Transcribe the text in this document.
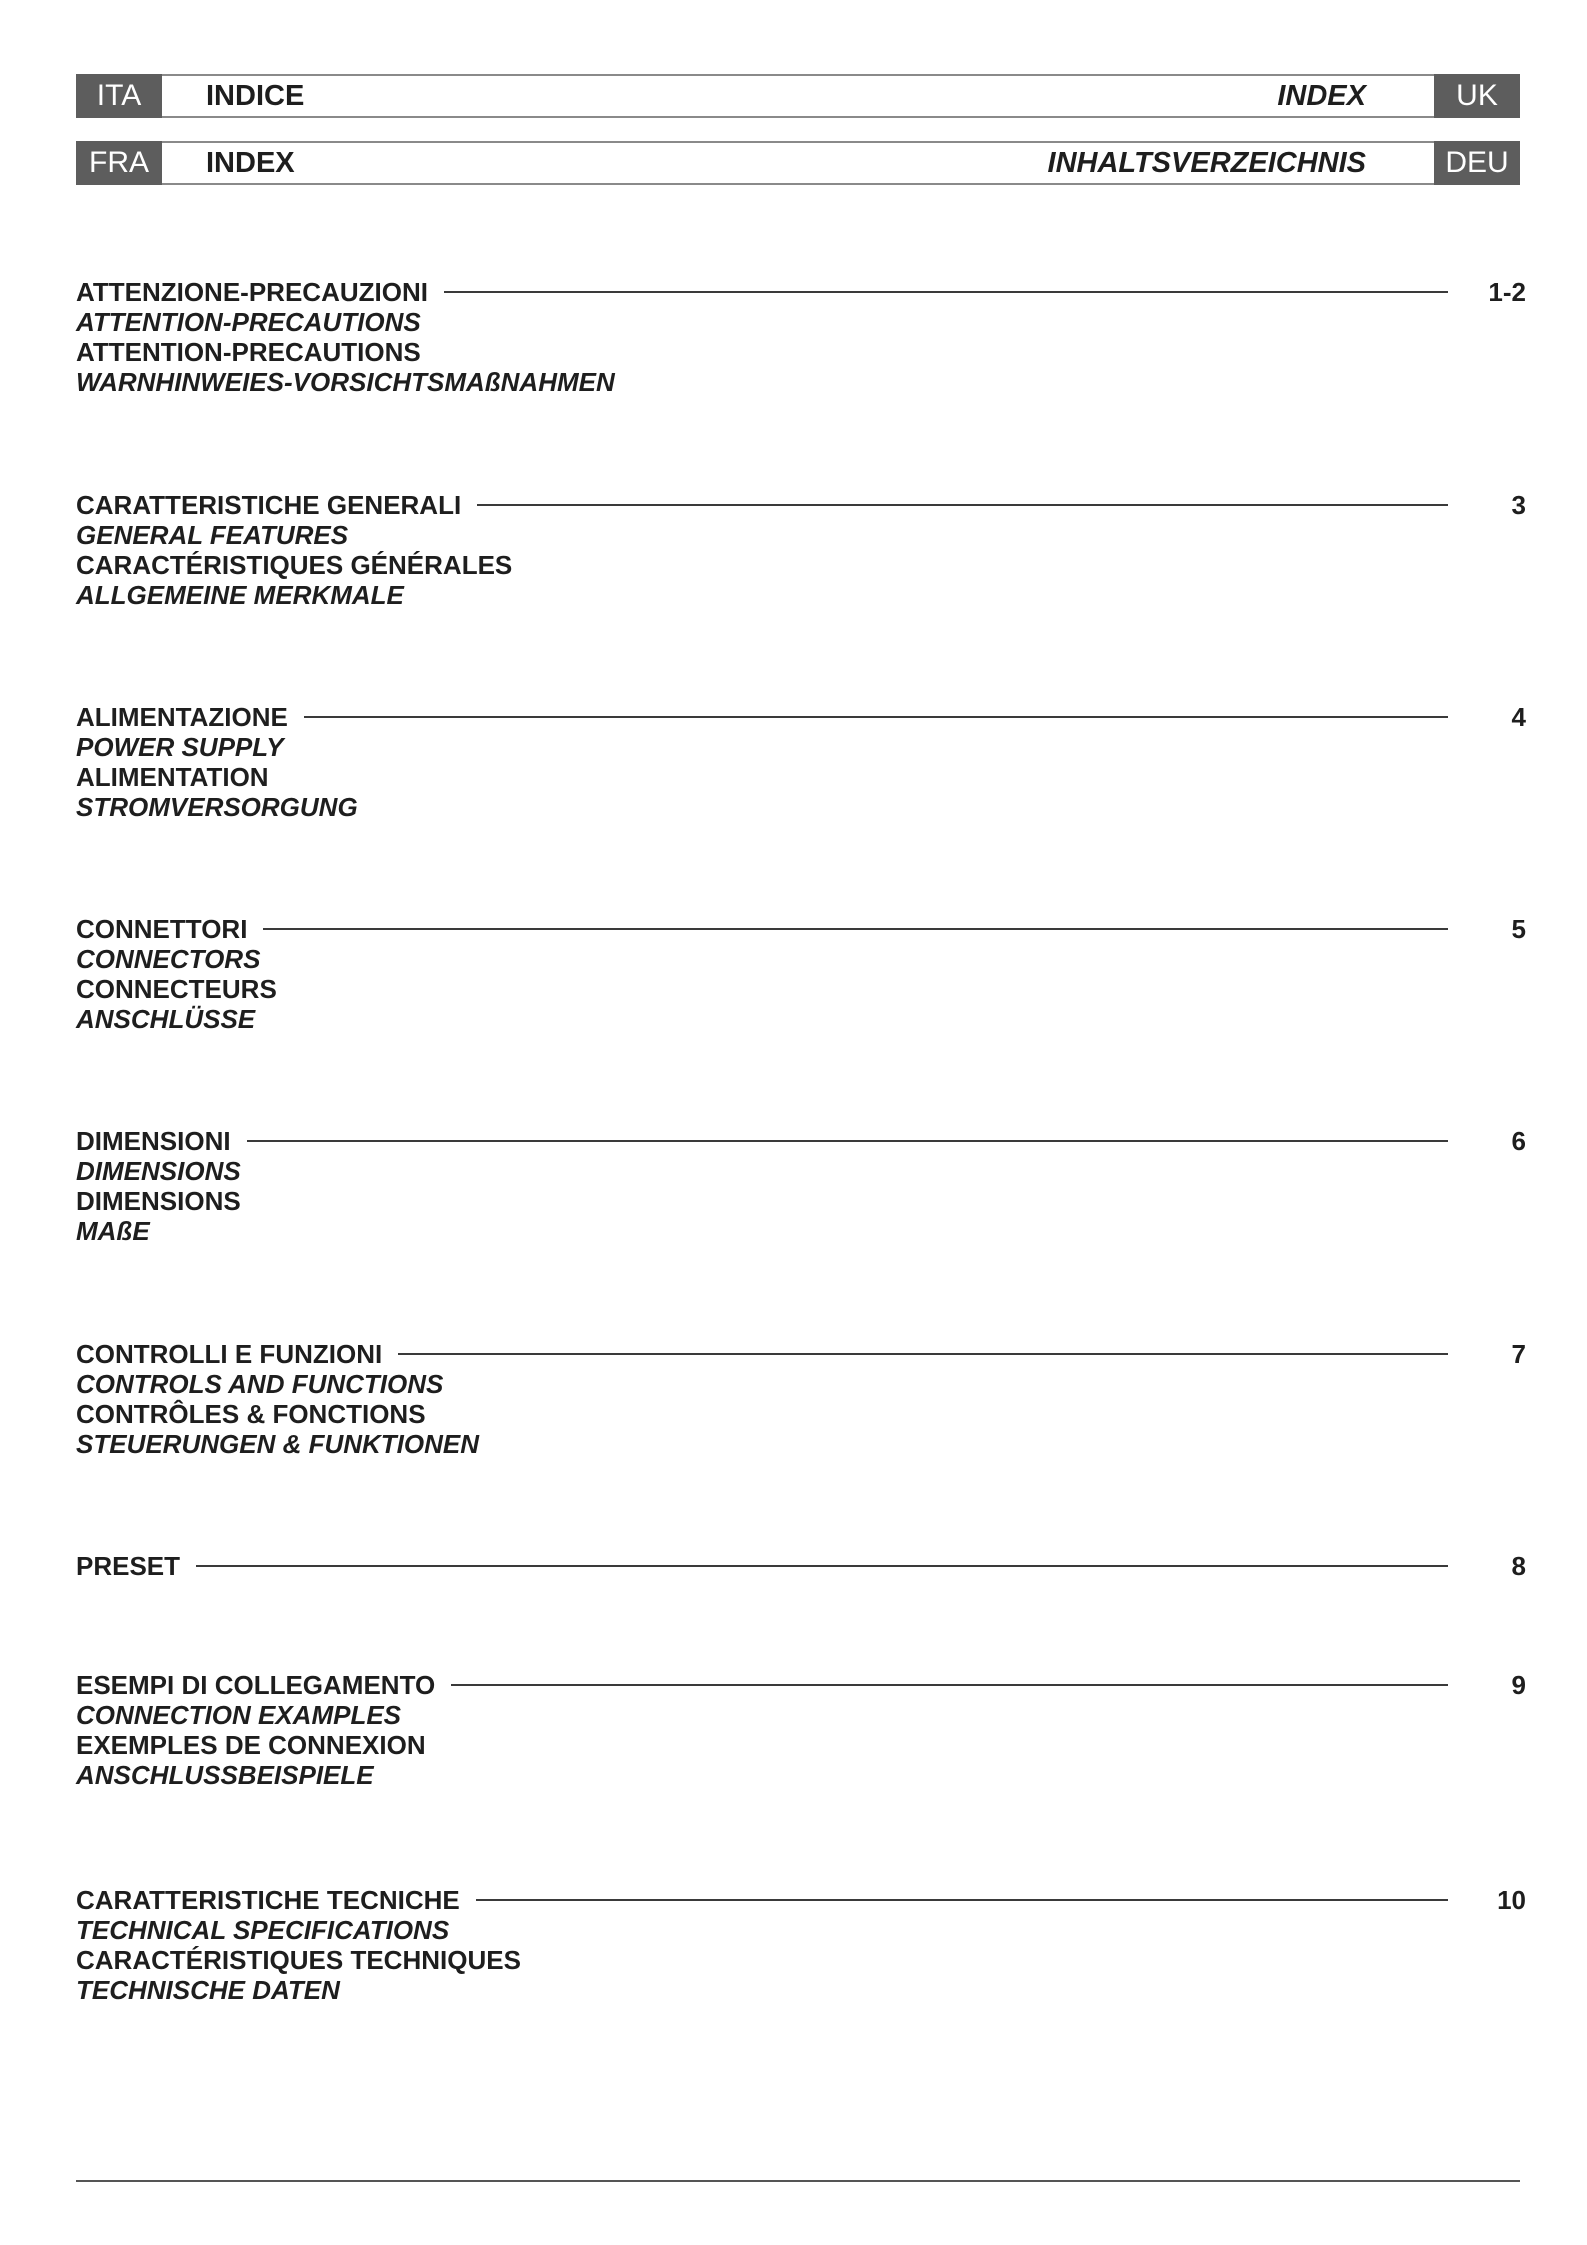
ITA	INDICE	INDEX	UK
FRA	INDEX	INHALTSVERZEICHNIS	DEU
ATTENZIONE-PRECAUZIONI	1-2
ATTENTION-PRECAUTIONS
ATTENTION-PRECAUTIONS
WARNHINWEIES-VORSICHTSMAßNAHMEN
CARATTERISTICHE GENERALI	3
GENERAL FEATURES
CARACTÉRISTIQUES GÉNÉRALES
ALLGEMEINE MERKMALE
ALIMENTAZIONE	4
POWER SUPPLY
ALIMENTATION
STROMVERSORGUNG
CONNETTORI	5
CONNECTORS
CONNECTEURS
ANSCHLÜSSE
DIMENSIONI	6
DIMENSIONS
DIMENSIONS
MAßE
CONTROLLI E FUNZIONI	7
CONTROLS AND FUNCTIONS
CONTRÔLES & FONCTIONS
STEUERUNGEN & FUNKTIONEN
PRESET	8
ESEMPI DI COLLEGAMENTO	9
CONNECTION EXAMPLES
EXEMPLES DE CONNEXION
ANSCHLUSSBEISPIELE
CARATTERISTICHE TECNICHE	10
TECHNICAL SPECIFICATIONS
CARACTÉRISTIQUES TECHNIQUES
TECHNISCHE DATEN
